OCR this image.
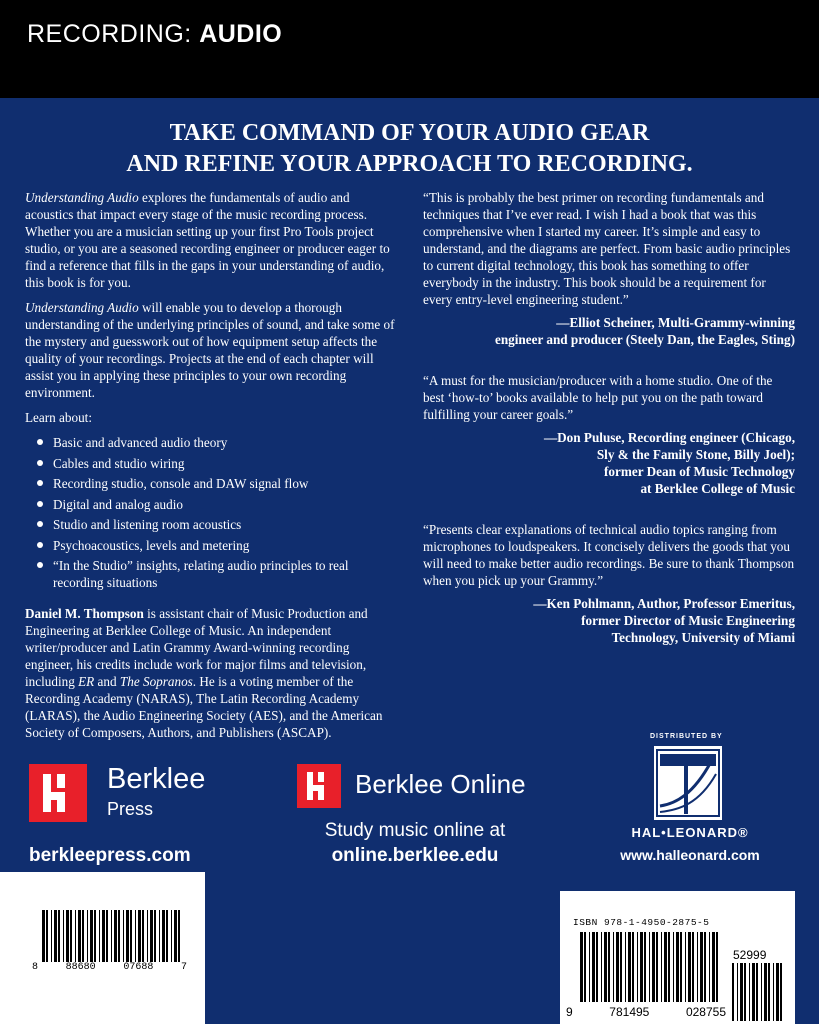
RECORDING: AUDIO
TAKE COMMAND OF YOUR AUDIO GEAR
AND REFINE YOUR APPROACH TO RECORDING.

Understanding Audio explores the fundamentals of audio and acoustics that impact every stage of the music recording process. Whether you are a musician setting up your first Pro Tools project studio, or you are a seasoned recording engineer or producer eager to find a reference that fills in the gaps in your understanding of audio, this book is for you.

Understanding Audio will enable you to develop a thorough understanding of the underlying principles of sound, and take some of the mystery and guesswork out of how equipment setup affects the quality of your recordings. Projects at the end of each chapter will assist you in applying these principles to your own recording environment.

Learn about:

Basic and advanced audio theory
Cables and studio wiring
Recording studio, console and DAW signal flow
Digital and analog audio
Studio and listening room acoustics
Psychoacoustics, levels and metering
“In the Studio” insights, relating audio principles to real recording situations

Daniel M. Thompson is assistant chair of Music Production and Engineering at Berklee College of Music. An independent writer/producer and Latin Grammy Award-winning recording engineer, his credits include work for major films and television, including ER and The Sopranos. He is a voting member of the Recording Academy (NARAS), The Latin Recording Academy (LARAS), the Audio Engineering Society (AES), and the American Society of Composers, Authors, and Publishers (ASCAP).

“This is probably the best primer on recording fundamentals and techniques that I’ve ever read. I wish I had a book that was this comprehensive when I started my career. It’s simple and easy to understand, and the diagrams are perfect. From basic audio principles to current digital technology, this book has something to offer everybody in the industry. This book should be a requirement for every entry-level engineering student.”

—Elliot Scheiner, Multi-Grammy-winning
engineer and producer (Steely Dan, the Eagles, Sting)

“A must for the musician/producer with a home studio. One of the best ‘how-to’ books available to help put you on the path toward fulfilling your career goals.”

—Don Puluse, Recording engineer (Chicago,
Sly & the Family Stone, Billy Joel);
former Dean of Music Technology
at Berklee College of Music

“Presents clear explanations of technical audio topics ranging from microphones to loudspeakers. It concisely delivers the goods that you will need to make better audio recordings. Be sure to thank Thompson when you pick up your Grammy.”

—Ken Pohlmann, Author, Professor Emeritus,
former Director of Music Engineering
Technology, University of Miami

Berklee
Press
berkleepress.com
Berklee Online
Study music online at
online.berklee.edu
DISTRIBUTED BY
HAL•LEONARD®
www.halleonard.com
U.S. $29.99
8	88680	07688	7
HL00148197
ISBN 978-1-4950-2875-5
52999
9	781495	028755
